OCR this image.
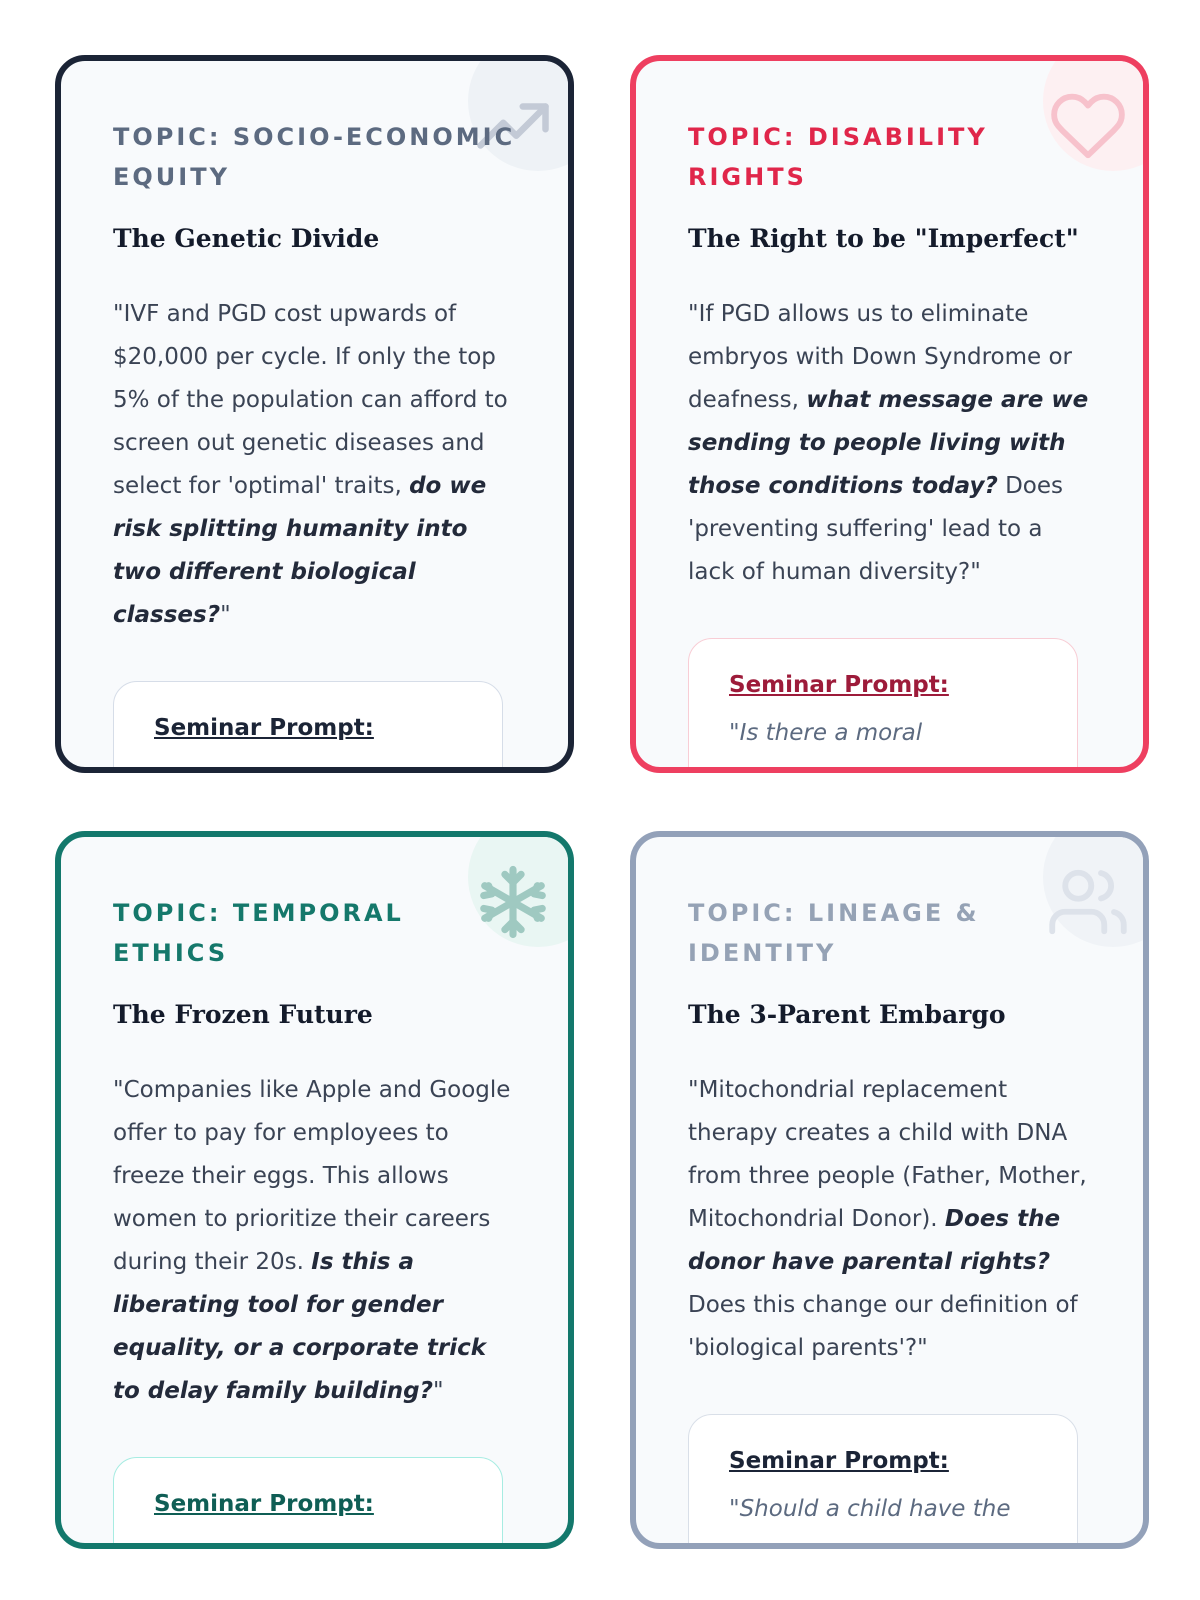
TOPIC: SOCIO-ECONOMIC EQUITY
The Genetic Divide

"IVF and PGD cost upwards of $20,000 per cycle. If only the top 5% of the population can afford to screen out genetic diseases and select for 'optimal' traits, do we risk splitting humanity into two different biological classes?"

Seminar Prompt:
TOPIC: DISABILITY RIGHTS
The Right to be "Imperfect"

"If PGD allows us to eliminate embryos with Down Syndrome or deafness, what message are we sending to people living with those conditions today? Does 'preventing suffering' lead to a lack of human diversity?"

Seminar Prompt:
"Is there a moral
TOPIC: TEMPORAL ETHICS
The Frozen Future

"Companies like Apple and Google offer to pay for employees to freeze their eggs. This allows women to prioritize their careers during their 20s. Is this a liberating tool for gender equality, or a corporate trick to delay family building?"

Seminar Prompt:
TOPIC: LINEAGE & IDENTITY
The 3-Parent Embargo

"Mitochondrial replacement therapy creates a child with DNA from three people (Father, Mother, Mitochondrial Donor). Does the donor have parental rights? Does this change our definition of 'biological parents'?"

Seminar Prompt:
"Should a child have the
